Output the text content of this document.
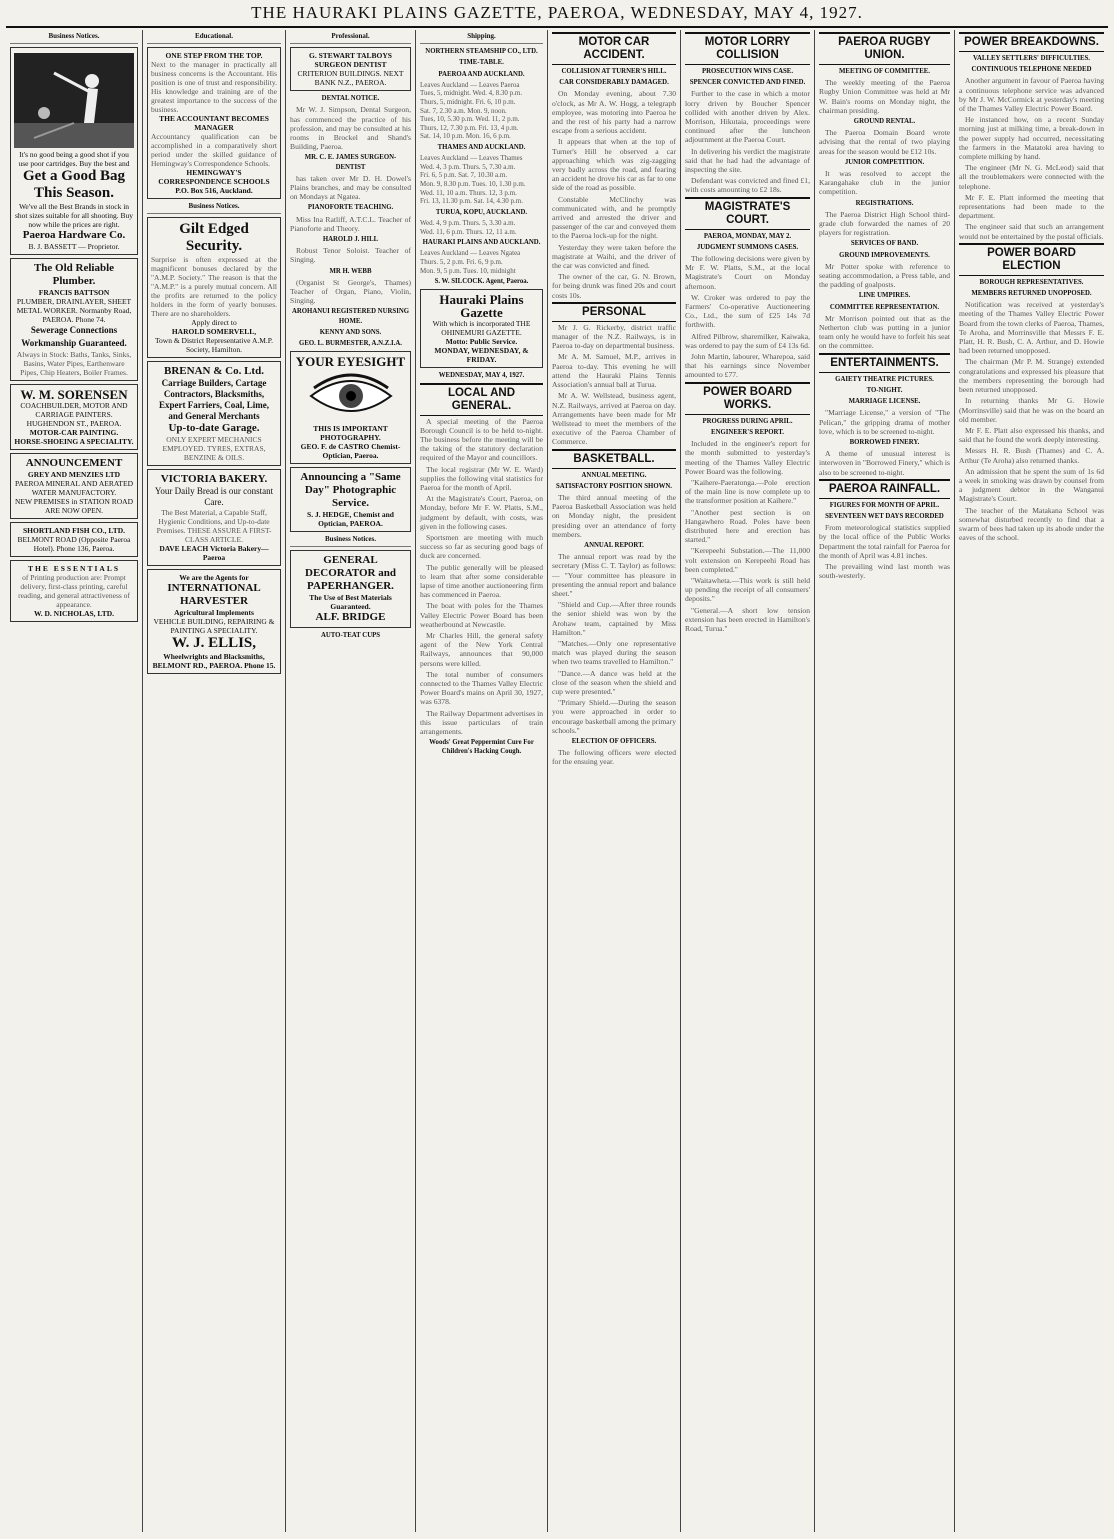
THE HAURAKI PLAINS GAZETTE, PAEROA, WEDNESDAY, MAY 4, 1927.
Business Notices.
It's no good being a good shot if you use poor cartridges. Buy the best and
Get a Good Bag This Season.
We've all the Best Brands in stock in shot sizes suitable for all shooting. Buy now while the prices are right.
Paeroa Hardware Co.
B. J. BASSETT — Proprietor.
The Old Reliable Plumber.
FRANCIS BATTSON
PLUMBER, DRAINLAYER, SHEET METAL WORKER. Normanby Road, PAEROA. Phone 74.
Sewerage Connections
Workmanship Guaranteed.
Always in Stock: Baths, Tanks, Sinks, Basins, Water Pipes, Earthenware Pipes, Chip Heaters, Boiler Frames.
W. M. SORENSEN
COACHBUILDER, MOTOR AND CARRIAGE PAINTERS. HUGHENDON ST., PAEROA.
MOTOR-CAR PAINTING.
HORSE-SHOEING A SPECIALITY.
ANNOUNCEMENT
GREY AND MENZIES LTD
PAEROA MINERAL AND AERATED WATER MANUFACTORY.
NEW PREMISES in STATION ROAD ARE NOW OPEN.
SHORTLAND FISH CO., LTD.
BELMONT ROAD (Opposite Paeroa Hotel). Phone 136, Paeroa.
THE ESSENTIALS
of Printing production are: Prompt delivery, first-class printing, careful reading, and general attractiveness of appearance.
W. D. NICHOLAS, LTD.
Educational.
ONE STEP FROM THE TOP.
Next to the manager in practically all business concerns is the Accountant. His position is one of trust and responsibility. His knowledge and training are of the greatest importance to the success of the business.
THE ACCOUNTANT BECOMES MANAGER
Accountancy qualification can be accomplished in a comparatively short period under the skilled guidance of Hemingway's Correspondence Schools.
HEMINGWAY'S CORRESPONDENCE SCHOOLS P.O. Box 516, Auckland.
Business Notices.
Gilt Edged Security.
Surprise is often expressed at the magnificent bonuses declared by the "A.M.P. Society." The reason is that the "A.M.P." is a purely mutual concern. All the profits are returned to the policy holders in the form of yearly bonuses. There are no shareholders.
Apply direct to
HAROLD SOMERVELL,
Town & District Representative A.M.P. Society, Hamilton.
BRENAN & Co. Ltd.
Carriage Builders, Cartage Contractors, Blacksmiths, Expert Farriers, Coal, Lime, and General Merchants
Up-to-date Garage.
ONLY EXPERT MECHANICS EMPLOYED. TYRES, EXTRAS, BENZINE & OILS.
VICTORIA BAKERY.
Your Daily Bread is our constant Care.
The Best Material, a Capable Staff, Hygienic Conditions, and Up-to-date Premises. THESE ASSURE A FIRST-CLASS ARTICLE.
DAVE LEACH Victoria Bakery—Paeroa
We are the Agents for
INTERNATIONAL HARVESTER
Agricultural Implements
VEHICLE BUILDING, REPAIRING & PAINTING A SPECIALITY.
W. J. ELLIS,
Wheelwrights and Blacksmiths, BELMONT RD., PAEROA. Phone 15.
Professional.
G. STEWART TALBOYS SURGEON DENTIST
CRITERION BUILDINGS. NEXT BANK N.Z., PAEROA.
DENTAL NOTICE.

Mr W. J. Simpson, Dental Surgeon, has commenced the practice of his profession, and may be consulted at his rooms in Brockel and Shand's Building, Paeroa.

MR. C. E. JAMES SURGEON-DENTIST

has taken over Mr D. H. Dowel's Plains branches, and may be consulted on Mondays at Ngatea.

PIANOFORTE TEACHING.

Miss Ina Ratliff, A.T.C.L. Teacher of Pianoforte and Theory.

HAROLD J. HILL

Robust Tenor Soloist. Teacher of Singing.

MR H. WEBB

(Organist St George's, Thames) Teacher of Organ, Piano, Violin, Singing.

AROHANUI REGISTERED NURSING HOME.
KENNY AND SONS.
GEO. L. BURMESTER, A.N.Z.I.A.
YOUR EYESIGHT
THIS IS IMPORTANT
PHOTOGRAPHY.
GEO. F. de CASTRO Chemist-Optician, Paeroa.
Announcing a "Same Day" Photographic Service.
S. J. HEDGE, Chemist and Optician, PAEROA.
Business Notices.
GENERAL DECORATOR and PAPERHANGER.
The Use of Best Materials Guaranteed.
ALF. BRIDGE
AUTO-TEAT CUPS
Shipping.
NORTHERN STEAMSHIP CO., LTD.
TIME-TABLE.
PAEROA AND AUCKLAND.
Leaves Auckland — Leaves Paeroa
Tues, 5, midnight. Wed. 4, 8.30 p.m.
Thurs, 5, midnight. Fri. 6, 10 p.m.
Sat. 7, 2.30 a.m. Mon. 9, noon.
Tues, 10, 5.30 p.m. Wed. 11, 2 p.m.
Thurs, 12, 7.30 p.m. Fri. 13, 4 p.m.
Sat. 14, 10 p.m. Mon. 16, 6 p.m.
THAMES AND AUCKLAND.
Leaves Auckland — Leaves Thames
Wed. 4, 3 p.m. Thurs. 5, 7.30 a.m.
Fri. 6, 5 p.m. Sat. 7, 10.30 a.m.
Mon. 9, 8.30 p.m. Tues. 10, 1.30 p.m.
Wed. 11, 10 a.m. Thurs. 12, 3 p.m.
Fri. 13, 11.30 p.m. Sat. 14, 4.30 p.m.
TURUA, KOPU, AUCKLAND.
Wed. 4, 9 p.m. Thurs. 5, 3.30 a.m.
Wed. 11, 6 p.m. Thurs. 12, 11 a.m.
HAURAKI PLAINS AND AUCKLAND.
Leaves Auckland — Leaves Ngatea
Thurs. 5, 2 p.m. Fri. 6, 9 p.m.
Mon. 9, 5 p.m. Tues. 10, midnight
S. W. SILCOCK. Agent, Paeroa.
Hauraki Plains Gazette
With which is incorporated THE OHINEMURI GAZETTE.
Motto: Public Service.
MONDAY, WEDNESDAY, & FRIDAY.
WEDNESDAY, MAY 4, 1927.
LOCAL AND GENERAL.

A special meeting of the Paeroa Borough Council is to be held to-night. The business before the meeting will be the taking of the statutory declaration required of the Mayor and councillors.

The local registrar (Mr W. E. Ward) supplies the following vital statistics for Paeroa for the month of April.

At the Magistrate's Court, Paeroa, on Monday, before Mr F. W. Platts, S.M., judgment by default, with costs, was given in the following cases.

Sportsmen are meeting with much success so far as securing good bags of duck are concerned.

The public generally will be pleased to learn that after some considerable lapse of time another auctioneering firm has commenced in Paeroa.

The boat with poles for the Thames Valley Electric Power Board has been weatherbound at Newcastle.

Mr Charles Hill, the general safety agent of the New York Central Railways, announces that 90,000 persons were killed.

The total number of consumers connected to the Thames Valley Electric Power Board's mains on April 30, 1927, was 6378.

The Railway Department advertises in this issue particulars of train arrangements.

Woods' Great Peppermint Cure For Children's Hacking Cough.
MOTOR CAR ACCIDENT.
COLLISION AT TURNER'S HILL.
CAR CONSIDERABLY DAMAGED.

On Monday evening, about 7.30 o'clock, as Mr A. W. Hogg, a telegraph employee, was motoring into Paeroa he and the rest of his party had a narrow escape from a serious accident.

It appears that when at the top of Turner's Hill he observed a car approaching which was zig-zagging very badly across the road, and fearing an accident he drove his car as far to one side of the road as possible.

Constable McClinchy was communicated with, and he promptly arrived and arrested the driver and passenger of the car and conveyed them to the Paeroa lock-up for the night.

Yesterday they were taken before the magistrate at Waihi, and the driver of the car was convicted and fined.

The owner of the car, G. N. Brown, for being drunk was fined 20s and court costs 10s.

PERSONAL

Mr J. G. Rickerby, district traffic manager of the N.Z. Railways, is in Paeroa to-day on departmental business.

Mr A. M. Samuel, M.P., arrives in Paeroa to-day. This evening he will attend the Hauraki Plains Tennis Association's annual ball at Turua.

Mr A. W. Wellstead, business agent, N.Z. Railways, arrived at Paeroa on day. Arrangements have been made for Mr Wellstead to meet the members of the executive of the Paeroa Chamber of Commerce.

BASKETBALL.
ANNUAL MEETING.
SATISFACTORY POSITION SHOWN.

The third annual meeting of the Paeroa Basketball Association was held on Monday night, the president presiding over an attendance of forty members.

ANNUAL REPORT.

The annual report was read by the secretary (Miss C. T. Taylor) as follows:— "Your committee has pleasure in presenting the annual report and balance sheet."

"Shield and Cup.—After three rounds the senior shield was won by the Arohaw team, captained by Miss Hamilton."

"Matches.—Only one representative match was played during the season when two teams travelled to Hamilton."

"Dance.—A dance was held at the close of the season when the shield and cup were presented."

"Primary Shield.—During the season you were approached in order to encourage basketball among the primary schools."

ELECTION OF OFFICERS.

The following officers were elected for the ensuing year.

MOTOR LORRY COLLISION
PROSECUTION WINS CASE.
SPENCER CONVICTED AND FINED.

Further to the case in which a motor lorry driven by Boucher Spencer collided with another driven by Alex. Morrison, Hikutaia, proceedings were continued after the luncheon adjournment at the Paeroa Court.

In delivering his verdict the magistrate said that he had had the advantage of inspecting the site.

Defendant was convicted and fined £1, with costs amounting to £2 18s.

MAGISTRATE'S COURT.
PAEROA, MONDAY, MAY 2.
JUDGMENT SUMMONS CASES.

The following decisions were given by Mr F. W. Platts, S.M., at the local Magistrate's Court on Monday afternoon.

W. Croker was ordered to pay the Farmers' Co-operative Auctioneering Co., Ltd., the sum of £25 14s 7d forthwith.

Alfred Pilbrow, sharemilker, Kaiwaka, was ordered to pay the sum of £4 13s 6d.

John Martin, labourer, Wharepoa, said that his earnings since November amounted to £77.

POWER BOARD WORKS.
PROGRESS DURING APRIL.
ENGINEER'S REPORT.

Included in the engineer's report for the month submitted to yesterday's meeting of the Thames Valley Electric Power Board was the following.

"Kaihere-Paeratonga.—Pole erection of the main line is now complete up to the transformer position at Kaihere."

"Another pest section is on Hangawhero Road. Poles have been distributed here and erection has started."

"Kerepeehi Substation.—The 11,000 volt extension on Kerepeehi Road has been completed."

"Waitawheta.—This work is still held up pending the receipt of all consumers' deposits."

"General.—A short low tension extension has been erected in Hamilton's Road, Turua."

PAEROA RUGBY UNION.
MEETING OF COMMITTEE.

The weekly meeting of the Paeroa Rugby Union Committee was held at Mr W. Bain's rooms on Monday night, the chairman presiding.

GROUND RENTAL.

The Paeroa Domain Board wrote advising that the rental of two playing areas for the season would be £12 10s.

JUNIOR COMPETITION.

It was resolved to accept the Karangahake club in the junior competition.

REGISTRATIONS.

The Paeroa District High School third-grade club forwarded the names of 20 players for registration.

SERVICES OF BAND.
GROUND IMPROVEMENTS.

Mr Potter spoke with reference to seating accommodation, a Press table, and the padding of goalposts.

LINE UMPIRES.
COMMITTEE REPRESENTATION.

Mr Morrison pointed out that as the Netherton club was putting in a junior team only he would have to forfeit his seat on the committee.

ENTERTAINMENTS.
GAIETY THEATRE PICTURES.
TO-NIGHT.
MARRIAGE LICENSE.

"Marriage License," a version of "The Pelican," the gripping drama of mother love, which is to be screened to-night.

BORROWED FINERY.

A theme of unusual interest is interwoven in "Borrowed Finery," which is also to be screened to-night.

PAEROA RAINFALL.
FIGURES FOR MONTH OF APRIL.
SEVENTEEN WET DAYS RECORDED

From meteorological statistics supplied by the local office of the Public Works Department the total rainfall for Paeroa for the month of April was 4.81 inches.

The prevailing wind last month was south-westerly.

POWER BREAKDOWNS.
VALLEY SETTLERS' DIFFICULTIES.
CONTINUOUS TELEPHONE NEEDED

Another argument in favour of Paeroa having a continuous telephone service was advanced by Mr J. W. McCormick at yesterday's meeting of the Thames Valley Electric Power Board.

He instanced how, on a recent Sunday morning just at milking time, a break-down in the power supply had occurred, necessitating the farmers in the Matatoki area having to complete milking by hand.

The engineer (Mr N. G. McLeod) said that all the troublemakers were connected with the telephone.

Mr F. E. Platt informed the meeting that representations had been made to the department.

The engineer said that such an arrangement would not be entertained by the postal officials.

POWER BOARD ELECTION
BOROUGH REPRESENTATIVES.
MEMBERS RETURNED UNOPPOSED.

Notification was received at yesterday's meeting of the Thames Valley Electric Power Board from the town clerks of Paeroa, Thames, Te Aroha, and Morrinsville that Messrs F. E. Platt, H. R. Bush, C. A. Arthur, and D. Howie had been returned unopposed.

The chairman (Mr P. M. Strange) extended congratulations and expressed his pleasure that the members representing the borough had been returned unopposed.

In returning thanks Mr G. Howie (Morrinsville) said that he was on the board an old member.

Mr F. E. Platt also expressed his thanks, and said that he found the work deeply interesting.

Messrs H. R. Bush (Thames) and C. A. Arthur (Te Aroha) also returned thanks.

An admission that he spent the sum of 1s 6d a week in smoking was drawn by counsel from a judgment debtor in the Wanganui Magistrate's Court.

The teacher of the Matakana School was somewhat disturbed recently to find that a swarm of bees had taken up its abode under the eaves of the school.
